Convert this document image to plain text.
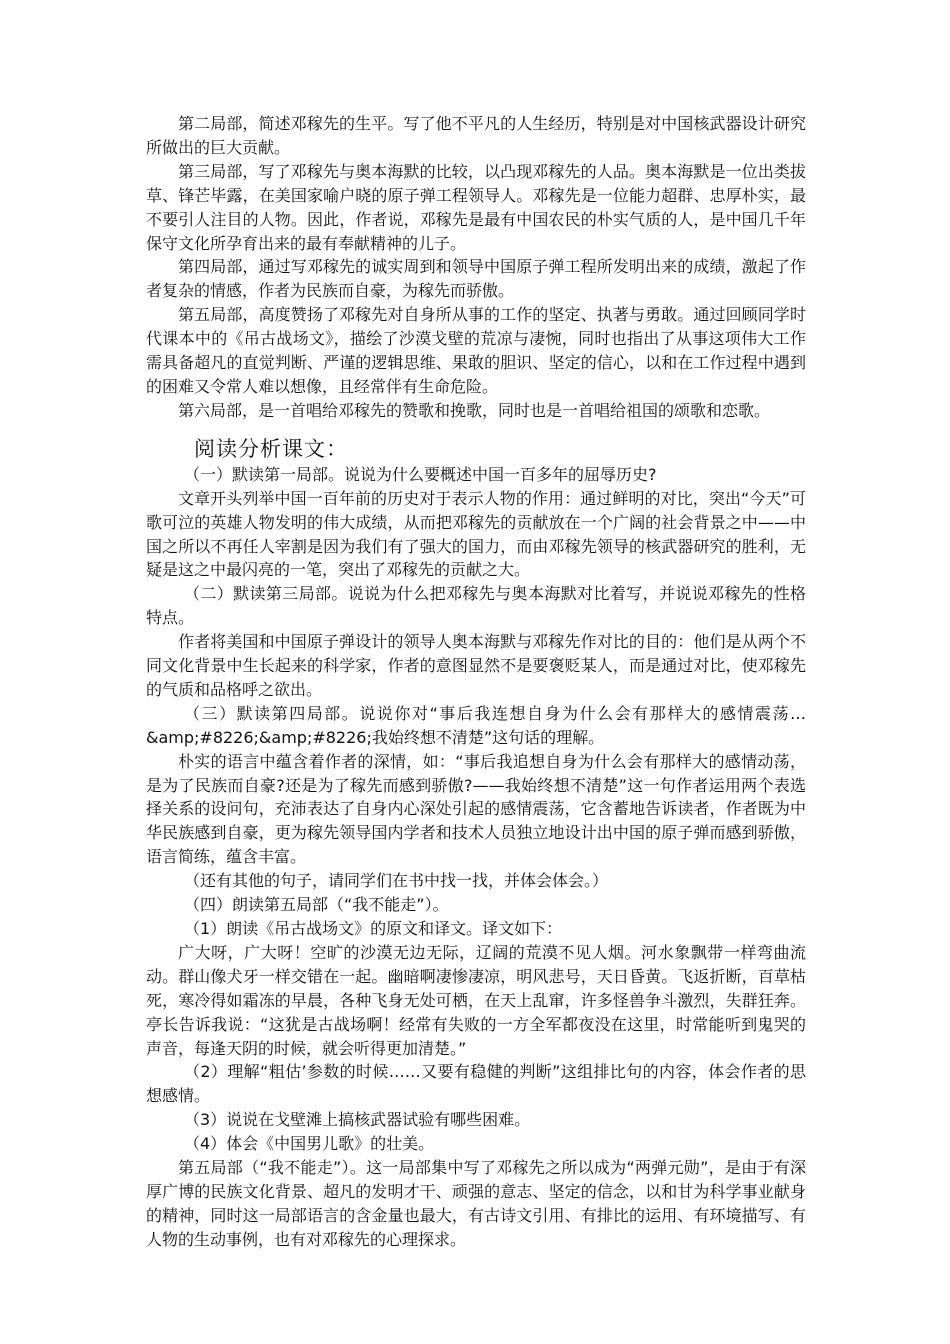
第二局部，简述邓稼先的生平。写了他不平凡的人生经历，特别是对中国核武器设计研究所做出的巨大贡献。

第三局部，写了邓稼先与奥本海默的比较，以凸现邓稼先的人品。奥本海默是一位出类拔草、锋芒毕露，在美国家喻户晓的原子弹工程领导人。邓稼先是一位能力超群、忠厚朴实，最不要引人注目的人物。因此，作者说，邓稼先是最有中国农民的朴实气质的人，是中国几千年保守文化所孕育出来的最有奉献精神的儿子。

第四局部，通过写邓稼先的诚实周到和领导中国原子弹工程所发明出来的成绩，激起了作者复杂的情感，作者为民族而自豪，为稼先而骄傲。

第五局部，高度赞扬了邓稼先对自身所从事的工作的坚定、执著与勇敢。通过回顾同学时代课本中的《吊古战场文》，描绘了沙漠戈壁的荒凉与凄惋，同时也指出了从事这项伟大工作需具备超凡的直觉判断、严谨的逻辑思维、果敢的胆识、坚定的信心，以和在工作过程中遇到的困难又令常人难以想像，且经常伴有生命危险。

第六局部，是一首唱给邓稼先的赞歌和挽歌，同时也是一首唱给祖国的颂歌和恋歌。

阅读分析课文：

（一）默读第一局部。说说为什么要概述中国一百多年的屈辱历史?

文章开头列举中国一百年前的历史对于表示人物的作用：通过鲜明的对比，突出“今天”可歌可泣的英雄人物发明的伟大成绩，从而把邓稼先的贡献放在一个广阔的社会背景之中——中国之所以不再任人宰割是因为我们有了强大的国力，而由邓稼先领导的核武器研究的胜利，无疑是这之中最闪亮的一笔，突出了邓稼先的贡献之大。

（二）默读第三局部。说说为什么把邓稼先与奥本海默对比着写，并说说邓稼先的性格特点。

作者将美国和中国原子弹设计的领导人奥本海默与邓稼先作对比的目的：他们是从两个不同文化背景中生长起来的科学家，作者的意图显然不是要褒贬某人，而是通过对比，使邓稼先的气质和品格呼之欲出。

（三）默读第四局部。说说你对“事后我连想自身为什么会有那样大的感情震荡…&amp;#8226;&amp;#8226;我始终想不清楚”这句话的理解。

朴实的语言中蕴含着作者的深情，如：“事后我追想自身为什么会有那样大的感情动荡，是为了民族而自豪?还是为了稼先而感到骄傲?——我始终想不清楚”这一句作者运用两个表选择关系的设问句，充沛表达了自身内心深处引起的感情震荡，它含蓄地告诉读者，作者既为中华民族感到自豪，更为稼先领导国内学者和技术人员独立地设计出中国的原子弹而感到骄傲，语言简练，蕴含丰富。

（还有其他的句子，请同学们在书中找一找，并体会体会。）

（四）朗读第五局部（“我不能走”）。

（1）朗读《吊古战场文》的原文和译文。译文如下：

广大呀，广大呀！空旷的沙漠无边无际，辽阔的荒漠不见人烟。河水象飘带一样弯曲流动。群山像犬牙一样交错在一起。幽暗啊凄惨凄凉，明风悲号，天日昏黄。飞返折断，百草枯死，寒冷得如霜冻的早晨，各种飞身无处可栖，在天上乱窜，许多怪兽争斗激烈，失群狂奔。亭长告诉我说：“这犹是古战场啊！经常有失败的一方全军都夜没在这里，时常能听到鬼哭的声音，每逢天阴的时候，就会听得更加清楚。”

（2）理解“粗估’参数的时候……又要有稳健的判断”这组排比句的内容，体会作者的思想感情。

（3）说说在戈壁滩上搞核武器试验有哪些困难。

（4）体会《中国男儿歌》的壮美。

第五局部（“我不能走”）。这一局部集中写了邓稼先之所以成为“两弹元勋”，是由于有深厚广博的民族文化背景、超凡的发明才干、顽强的意志、坚定的信念，以和甘为科学事业献身的精神，同时这一局部语言的含金量也最大，有古诗文引用、有排比的运用、有环境描写、有人物的生动事例，也有对邓稼先的心理探求。
